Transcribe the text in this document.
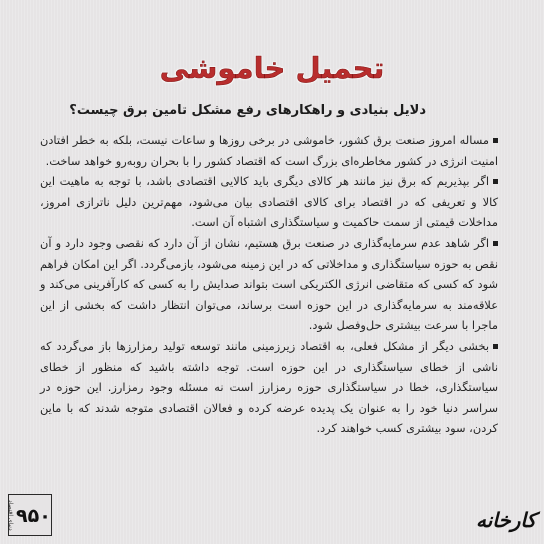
تحمیل خاموشی
دلایل بنیادی و راهکارهای رفع مشکل تامین برق چیست؟

مساله امروز صنعت برق کشور، خاموشی در برخی روزها و ساعات نیست، بلکه به خطر افتادن امنیت انرژی در کشور مخاطره‌ای بزرگ است که اقتصاد کشور را با بحران روبه‌رو خواهد ساخت.

اگر بپذیریم که برق نیز مانند هر کالای دیگری باید کالایی اقتصادی باشد، با توجه به ماهیت این کالا و تعریفی که در اقتصاد برای کالای اقتصادی بیان می‌شود، مهم‌ترین دلیل ناترازی امروز، مداخلات قیمتی از سمت حاکمیت و سیاستگذاری اشتباه آن است.

اگر شاهد عدم سرمایه‌گذاری در صنعت برق هستیم، نشان از آن دارد که نقصی وجود دارد و آن نقص به حوزه سیاستگذاری و مداخلاتی که در این زمینه می‌شود، بازمی‌گردد. اگر این امکان فراهم شود که کسی که متقاضی انرژی الکتریکی است بتواند صدایش را به کسی که کارآفرینی می‌کند و علاقه‌مند به سرمایه‌گذاری در این حوزه است برساند، می‌توان انتظار داشت که بخشی از این ماجرا با سرعت بیشتری حل‌وفصل شود.

بخشی دیگر از مشکل فعلی، به اقتصاد زیرزمینی مانند توسعه تولید رمزارزها باز می‌گردد که ناشی از خطای سیاستگذاری در این حوزه است. توجه داشته باشید که منظور از خطای سیاستگذاری، خطا در سیاستگذاری حوزه رمزارز است نه مسئله وجود رمزارز. این حوزه در سراسر دنیا خود را به عنوان یک پدیده عرضه کرده و فعالان اقتصادی متوجه شدند که با ماین کردن، سود بیشتری کسب خواهند کرد.

دنیای اقتصاد ۹۵۰	کارخانه
